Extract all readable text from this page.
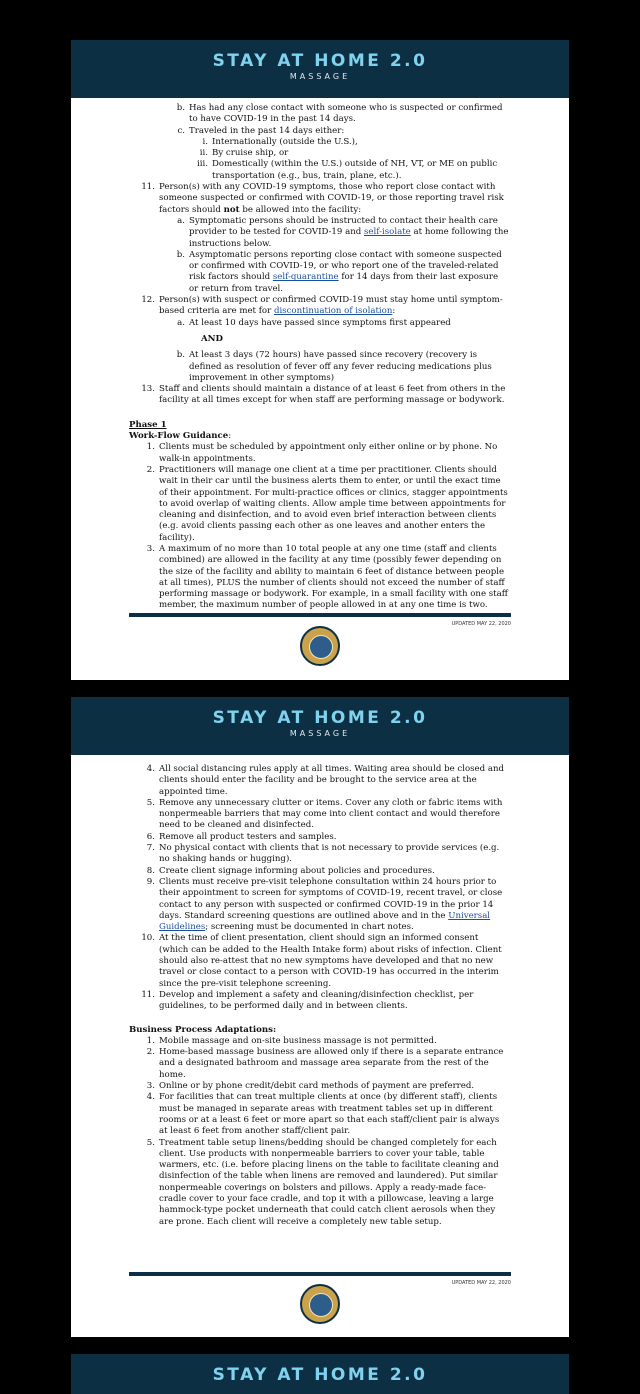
STAY AT HOME 2.0
MASSAGE
b. Has had any close contact with someone who is suspected or confirmed to have COVID-19 in the past 14 days.
c. Traveled in the past 14 days either:
i. Internationally (outside the U.S.),
ii. By cruise ship, or
iii. Domestically (within the U.S.) outside of NH, VT, or ME on public transportation (e.g., bus, train, plane, etc.).
11. Person(s) with any COVID-19 symptoms, those who report close contact with someone suspected or confirmed with COVID-19, or those reporting travel risk factors should not be allowed into the facility:
a. Symptomatic persons should be instructed to contact their health care provider to be tested for COVID-19 and self-isolate at home following the instructions below.
b. Asymptomatic persons reporting close contact with someone suspected or confirmed with COVID-19, or who report one of the traveled-related risk factors should self-quarantine for 14 days from their last exposure or return from travel.
12. Person(s) with suspect or confirmed COVID-19 must stay home until symptom-based criteria are met for discontinuation of isolation:
a. At least 10 days have passed since symptoms first appeared
AND
b. At least 3 days (72 hours) have passed since recovery (recovery is defined as resolution of fever off any fever reducing medications plus improvement in other symptoms)
13. Staff and clients should maintain a distance of at least 6 feet from others in the facility at all times except for when staff are performing massage or bodywork.
Phase 1
Work-Flow Guidance:
1. Clients must be scheduled by appointment only either online or by phone. No walk-in appointments.
2. Practitioners will manage one client at a time per practitioner. Clients should wait in their car until the business alerts them to enter, or until the exact time of their appointment. For multi-practice offices or clinics, stagger appointments to avoid overlap of waiting clients. Allow ample time between appointments for cleaning and disinfection, and to avoid even brief interaction between clients (e.g. avoid clients passing each other as one leaves and another enters the facility).
3. A maximum of no more than 10 total people at any one time (staff and clients combined) are allowed in the facility at any time (possibly fewer depending on the size of the facility and ability to maintain 6 feet of distance between people at all times), PLUS the number of clients should not exceed the number of staff performing massage or bodywork. For example, in a small facility with one staff member, the maximum number of people allowed in at any one time is two.
UPDATED MAY 22, 2020
STAY AT HOME 2.0
MASSAGE
4. All social distancing rules apply at all times. Waiting area should be closed and clients should enter the facility and be brought to the service area at the appointed time.
5. Remove any unnecessary clutter or items. Cover any cloth or fabric items with nonpermeable barriers that may come into client contact and would therefore need to be cleaned and disinfected.
6. Remove all product testers and samples.
7. No physical contact with clients that is not necessary to provide services (e.g. no shaking hands or hugging).
8. Create client signage informing about policies and procedures.
9. Clients must receive pre-visit telephone consultation within 24 hours prior to their appointment to screen for symptoms of COVID-19, recent travel, or close contact to any person with suspected or confirmed COVID-19 in the prior 14 days. Standard screening questions are outlined above and in the Universal Guidelines; screening must be documented in chart notes.
10. At the time of client presentation, client should sign an informed consent (which can be added to the Health Intake form) about risks of infection. Client should also re-attest that no new symptoms have developed and that no new travel or close contact to a person with COVID-19 has occurred in the interim since the pre-visit telephone screening.
11. Develop and implement a safety and cleaning/disinfection checklist, per guidelines, to be performed daily and in between clients.
Business Process Adaptations:
1. Mobile massage and on-site business massage is not permitted.
2. Home-based massage business are allowed only if there is a separate entrance and a designated bathroom and massage area separate from the rest of the home.
3. Online or by phone credit/debit card methods of payment are preferred.
4. For facilities that can treat multiple clients at once (by different staff), clients must be managed in separate areas with treatment tables set up in different rooms or at a least 6 feet or more apart so that each staff/client pair is always at least 6 feet from another staff/client pair.
5. Treatment table setup linens/bedding should be changed completely for each client. Use products with nonpermeable barriers to cover your table, table warmers, etc. (i.e. before placing linens on the table to facilitate cleaning and disinfection of the table when linens are removed and laundered). Put similar nonpermeable coverings on bolsters and pillows. Apply a ready-made face-cradle cover to your face cradle, and top it with a pillowcase, leaving a large hammock-type pocket underneath that could catch client aerosols when they are prone. Each client will receive a completely new table setup.
UPDATED MAY 22, 2020
STAY AT HOME 2.0
